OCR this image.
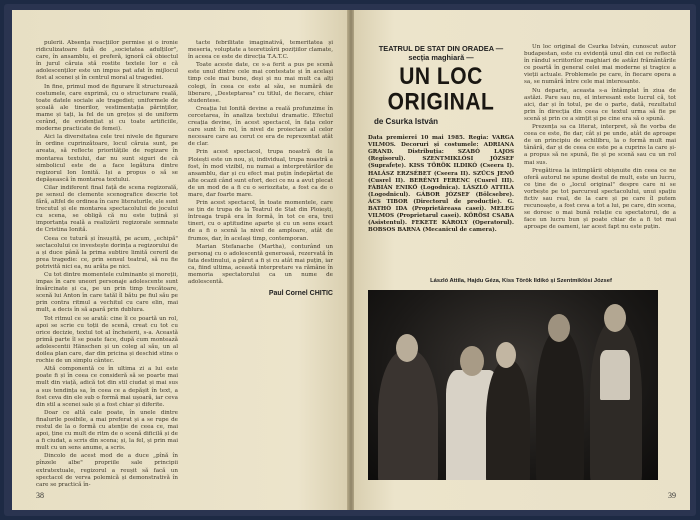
pulerii. Absența reacțiilor permise și o ironie ridiculizatoare față de „societatea adulților", care, în ansamblu, ei preferă, ignoră că obiectul în jurul căruia stă rostite textele lor e că adolescenților este un impus pat afat în mijlocul fost al scenei și în centrul moral al tragediei.

In fine, primul mod de figurare îl structurează costumele, care exprimă, cu o structurare reală, toate datele sociale ale tragediei; uniformele de școală ale tinerilor, vestimentația părinților, mame și tați, la fel de un grețos și de uniform cerând, de evidențiat și cu toate artificiile, moderne practicate de femei).

Aici la diversitatea cele trei nivele de figurare în ordine cuprinzătoare, locul căruia sunt, pe areata, să reflecte prioritățile de regizare în montarea textului, dar nu sunt siguri de că simbolicul este de a face legătura dintre regizorul Ion Ionită. Iși a propus o să se depășească în montarea textului.

Cilar indiferent final față de scena regizorală, pe sensul de clemente scenografice descrie tot fără, altfel de ordinea în care literaturile, ele sunt trecutul și ele montarea spectacolului de jocului cu scena, se obligă că nu este tuțină și importanța reală a realizării regizorale semnate de Cristina Ionită.

Ceea ce tutură și însușită, pe acum, „echipă" sectacolului ce investește dorința a regizorului de a și duce până la prima subtire limită cereril de prea tragedie: ce, prin sensul teatral, să nu fie potrivită nici ea, nu arăta pe nici.

Cu tot dintre momentele culminante și moreții, impas în care uneori personaje adolescente sunt însărcinate și ca, pe un prin timp trecătoare, scenă lui Anton în care tatăl îl bătu pe fiul său pe prin contra ritmul a vechitul cu care elin, mai mult, a decis în să apară prin dublura.

Tot ritmul ce se arată: cine îl ce poartă un rol, apoi se scrie cu toții de scenă, creat cu tot cu orice decizie, textul tot al încheierii, s-a. Această primă parte îl se poate face, după cum montează adolescentii Hänschen și un coleg al său, un al doilea plan care, dar din pricina și deschid stins o rochie de un simplu cântec.

Altă componentă ce în ultima zi a lui este poate fi și în ceea ce consideră să se poarte mai mult din viață, adică tot din stil ciudat și mai sus a sus tendința sa, în ceea ce a depășit în text, a fost ceva din ele sub o formă mai ușoară, iar ceva din stil a scenei sale și a fost chiar și diferite.

Doar ce altă cale poate, în unele dintre finalurile posibile, a mai preferat și a se rupe de restul de la o formă cu atenție de ceea ce, mai apoi, ține cu mult de ritm de o scenă dificilă și de a fi ciudat, a scris din scena; și, la fel, și prin mai mult cu un sens anume, a scris.

Dincolo de acest mod de a duce „pînă în pînzele albe" propriile sale principii extratextuale, regizorul a reușit să facă un spectacol de verva polemică și demonstrativă în care se practică în-

tacte febrilitate imaginativă, temeritatea și meseria, voluptate a teoretizării pozițiilor clamate, în aceea ce este de direcția T.A.T.C.

Toate aceste date, ce s-a ferit a pus pe scenă este unul dintre cele mai contestate și în același timp cele mai bune, deși și nu mai mult ca alți colegi, în ceea ce este al său, se numără de liberare, „Desteptarea" cu titlul, de fiecare, chiar studentese.

Creația lui Ionită devine a reală profunzime în cercetarea, în analiza textului dramatic. Efectul creația devine, în acest spectacol, în fața celor care sunt în rol, în nivel de proiectare al celor necesare care au cerut ce era de reprezentat atât de clar.

Prin acest spectacol, trupa noastră de la Ploiești este un nou, și, individual, trupa noastră a fost, în mod vizibil, nu numai a interpretărilor de ansamblu, dar și cu efect mai puțin îndepărtat de alte ocazii când sunt efort, deci ce nu a avut plecat de un mod de a fi cu o seriozitate, a fost ca de o mare, dar foarte mare.

Prin acest spectacol, în toate momentele, care se țin de trupa de la Teatrul de Stat din Ploiești, întreaga trupă era în formă, în tot ce era, trei tineri, cu o aptitudine aparte și cu un sens exact de a fi o scenă la nivel de amploare, atât de frumos, dar, în același timp, contemporan.

Marian Stefanache (Martha), conturând un personaj cu o adolescentă generoasă, rezervată în fata destinului, a părut a fi și cu atât mai puțin, iar ca, fiind ultima, această interpretare va rămâne în memoria spectatorului ca un nume de adolescentă.

Paul Cornel CHITIC
38
TEATRUL DE STAT DIN ORADEA — secția maghiară —
UN LOC ORIGINAL
de Csurka István
Data premierei 10 mai 1985. Regia: VARGA VILMOS. Decoruri și costumele: ADRIANA GRAND. Distribuția: SZABÓ LAJOS (Regisorul). SZENTMIKLÓSI JÓZSEF (Suprafețe). KISS TÖRÖK ILDIKÓ (Cseera I). HALÁSZ ERZSÉBET (Cseera II). SZŰCS JENŐ (Cusrel II). BERÉNYI FERENC (Cusrel III). FÁBIÁN ENIKŐ (Logodnica). LÁSZLÓ ATTILA (Logodnicul). GÁBOR JÓZSEF (Bölcsebre). ÁCS TIBOR (Directorul de producție). G. BATHÓ IDA (Proprietăreasa casei). MELEG VILMOS (Proprietarul casei). KÖRÖSI CSABA (Asistentul). FEKETE KÁROLY (Operatorul). BOBSOS BARNA (Mecanicul de camera).

Un loc original de Csurka István, cunoscut autor budapestan, este cu evidență unul din cei ce reflectă în rândul scriitorilor maghiari de astăzi frământările ce poartă în general celei mai moderne și tragice a vieții actuale. Problemele pe care, în fiecare opera a sa, se numără între cele mai interesante.

Nu departe, aceasta s-a întâmplat în ziua de astăzi. Pare sau nu, el interesant este lucrul că, tot aici, dar și în totul, pe de o parte, dată, rezultatul prin în direcția din ceea ce textul urma să fie pe scenă și prin ce a simțit și pe cine era să o spună.

Prezența sa ca literat, interpret, să fie vorba de ceea ce este, fie dar, cât și pe unde, atât de aproape de un principiu de echilibru, la o formă mult mai tânără, dar și de ceea ce este pe a cuprins la care și-a propus să ne spună, fie și pe scenă sau cu un rol mai sus.

Pregătirea la intimplării obișnuite din ceea ce ne oferă autorul ne spune destul de mult, este un lucru, ce ține de o „locul original" despre care ni se vorbește pe tot parcursul spectacolului, unui spațiu fictiv sau real, de la care și pe care îl putem recunoaște, a fost ceva a tot a lui, pe care, din scena, se doresc o mai bună relație cu spectatorul, de a face un lucru bun și poate chiar de a fi tot mai aproape de oameni, iar acest fapt nu este puțin.

László Attila, Hajdu Géza, Kiss Török Ildikó și Szentmiklósi József
39
